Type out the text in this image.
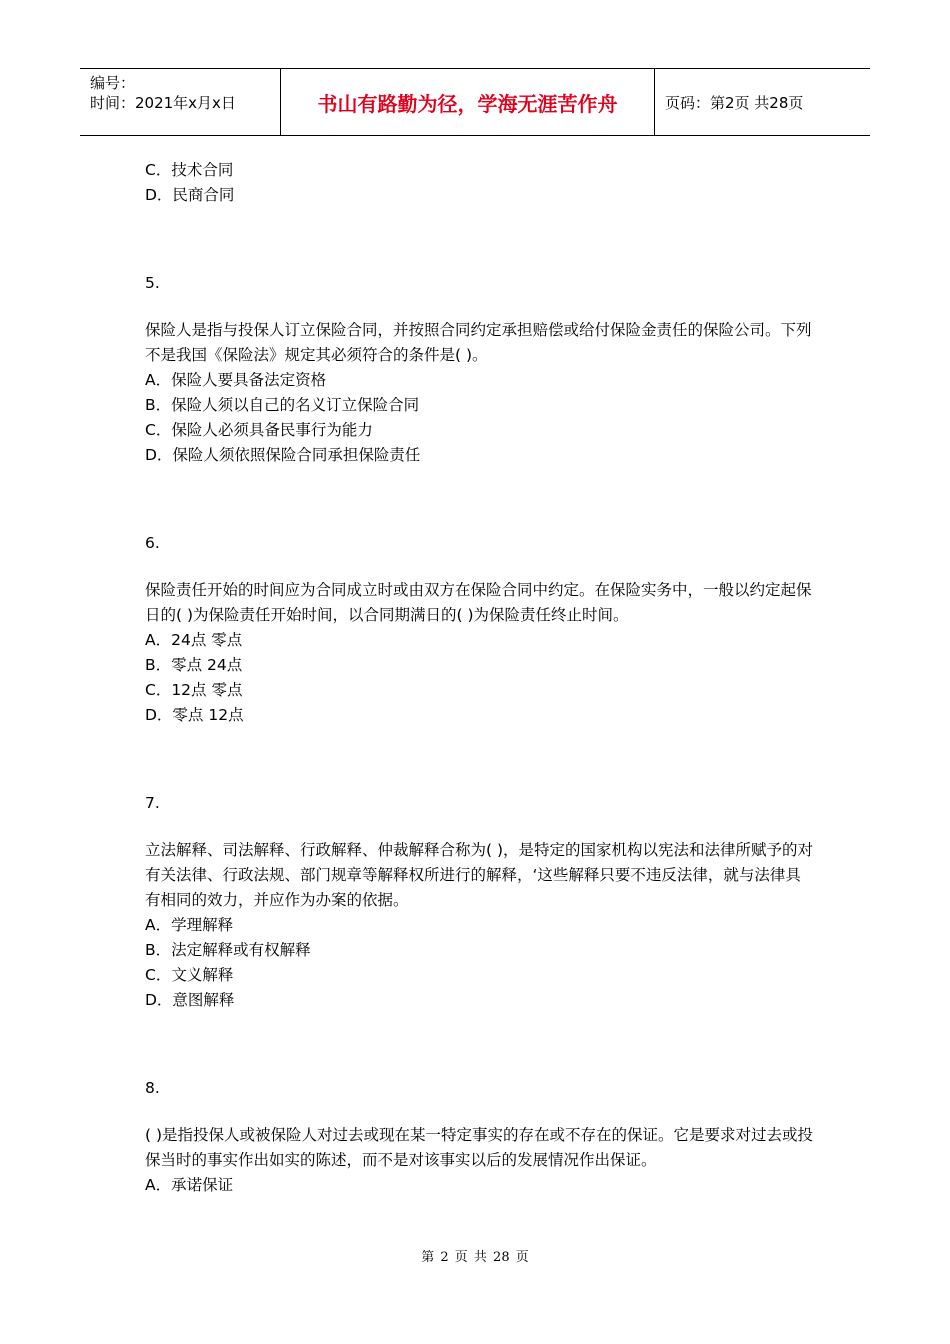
编号：
时间：2021年x月x日	书山有路勤为径，学海无涯苦作舟	页码：第2页 共28页
C．技术合同
D．民商合同
5.
保险人是指与投保人订立保险合同，并按照合同约定承担赔偿或给付保险金责任的保险公司。下列不是我国《保险法》规定其必须符合的条件是( )。
A．保险人要具备法定资格
B．保险人须以自己的名义订立保险合同
C．保险人必须具备民事行为能力
D．保险人须依照保险合同承担保险责任
6.
保险责任开始的时间应为合同成立时或由双方在保险合同中约定。在保险实务中，一般以约定起保日的( )为保险责任开始时间，以合同期满日的( )为保险责任终止时间。
A．24点 零点
B．零点 24点
C．12点 零点
D．零点 12点
7.
立法解释、司法解释、行政解释、仲裁解释合称为( )，是特定的国家机构以宪法和法律所赋予的对有关法律、行政法规、部门规章等解释权所进行的解释，‘这些解释只要不违反法律，就与法律具有相同的效力，并应作为办案的依据。
A．学理解释
B．法定解释或有权解释
C．文义解释
D．意图解释
8.
( )是指投保人或被保险人对过去或现在某一特定事实的存在或不存在的保证。它是要求对过去或投保当时的事实作出如实的陈述，而不是对该事实以后的发展情况作出保证。
A．承诺保证
第 2 页 共 28 页
